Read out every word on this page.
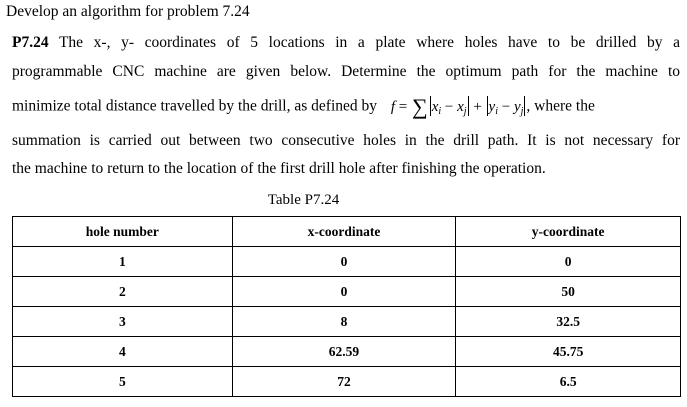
Develop an algorithm for problem 7.24
P7.24 The x-, y- coordinates of 5 locations in a plate where holes have to be drilled by a
programmable CNC machine are given below. Determine the optimum path for the machine to
minimize total distance travelled by the drill, as defined by f = ∑ $x_i - x_j + y_i - y_j$ , where the
summation is carried out between two consecutive holes in the drill path. It is not necessary for
the machine to return to the location of the first drill hole after finishing the operation.
Table P7.24
hole number	x-coordinate	y-coordinate
1	0	0
2	0	50
3	8	32.5
4	62.59	45.75
5	72	6.5
